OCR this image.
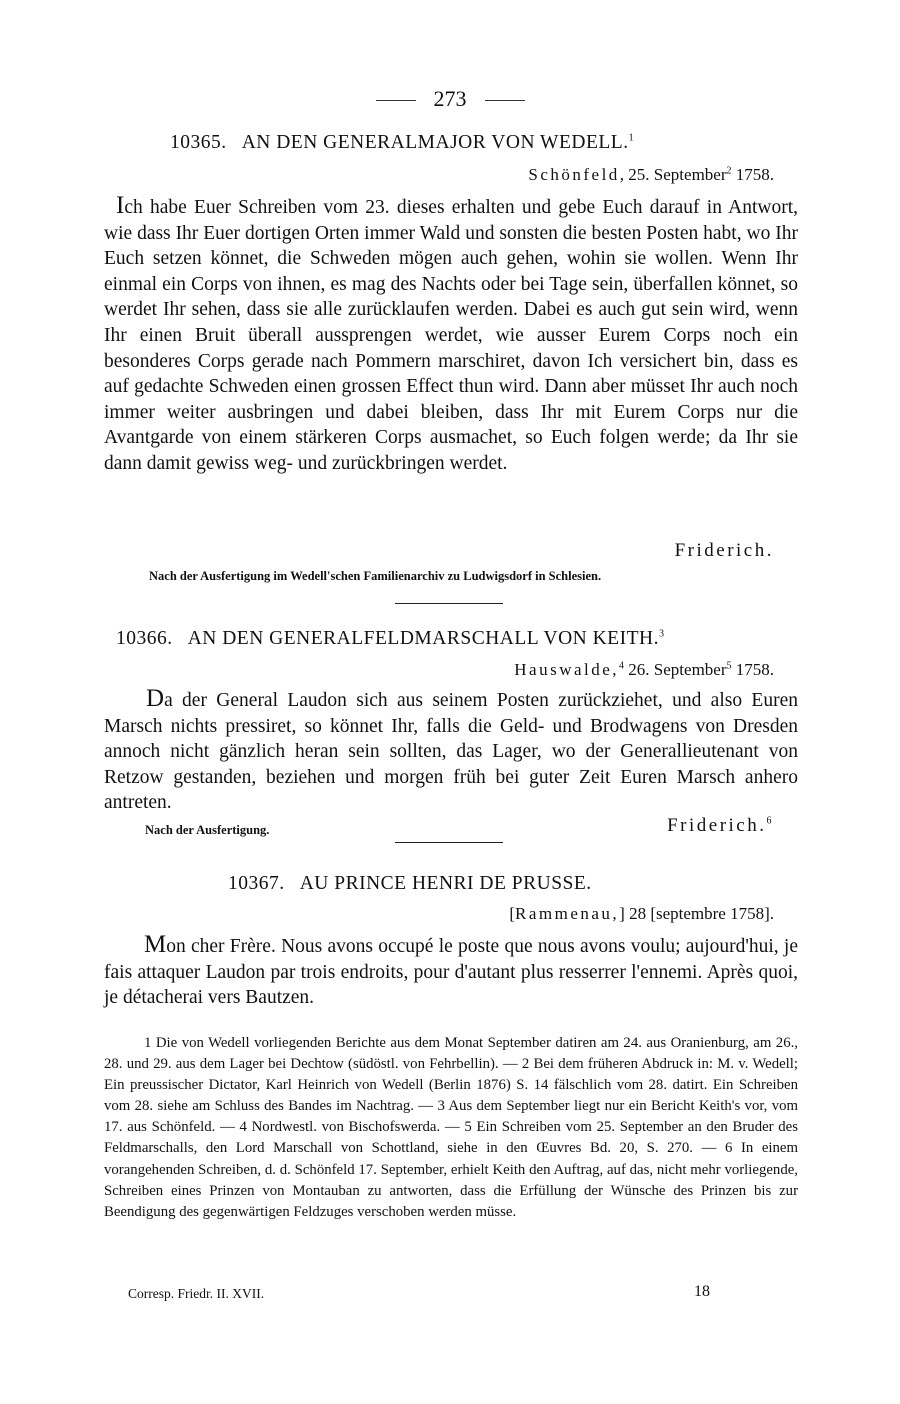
273
10365. AN DEN GENERALMAJOR VON WEDELL.$^1$
Schönfeld, 25. September$^2$ 1758.
Ich habe Euer Schreiben vom 23. dieses erhalten und gebe Euch darauf in Antwort, wie dass Ihr Euer dortigen Orten immer Wald und sonsten die besten Posten habt, wo Ihr Euch setzen könnet, die Schweden mögen auch gehen, wohin sie wollen. Wenn Ihr einmal ein Corps von ihnen, es mag des Nachts oder bei Tage sein, überfallen könnet, so werdet Ihr sehen, dass sie alle zurücklaufen werden. Dabei es auch gut sein wird, wenn Ihr einen Bruit überall aussprengen werdet, wie ausser Eurem Corps noch ein besonderes Corps gerade nach Pommern marschiret, davon Ich versichert bin, dass es auf gedachte Schweden einen grossen Effect thun wird. Dann aber müsset Ihr auch noch immer weiter ausbringen und dabei bleiben, dass Ihr mit Eurem Corps nur die Avantgarde von einem stärkeren Corps ausmachet, so Euch folgen werde; da Ihr sie dann damit gewiss weg- und zurückbringen werdet.
Friderich.
Nach der Ausfertigung im Wedell'schen Familienarchiv zu Ludwigsdorf in Schlesien.
10366. AN DEN GENERALFELDMARSCHALL VON KEITH.$^3$
Hauswalde,$^4$ 26. September$^5$ 1758.
Da der General Laudon sich aus seinem Posten zurückziehet, und also Euren Marsch nichts pressiret, so könnet Ihr, falls die Geld- und Brodwagens von Dresden annoch nicht gänzlich heran sein sollten, das Lager, wo der Generallieutenant von Retzow gestanden, beziehen und morgen früh bei guter Zeit Euren Marsch anhero antreten.
Nach der Ausfertigung.	Friderich.$^6$
10367. AU PRINCE HENRI DE PRUSSE.
[Rammenau,] 28 [septembre 1758].
Mon cher Frère. Nous avons occupé le poste que nous avons voulu; aujourd'hui, je fais attaquer Laudon par trois endroits, pour d'autant plus resserrer l'ennemi. Après quoi, je détacherai vers Bautzen.
1 Die von Wedell vorliegenden Berichte aus dem Monat September datiren am 24. aus Oranienburg, am 26., 28. und 29. aus dem Lager bei Dechtow (südöstl. von Fehrbellin). — 2 Bei dem früheren Abdruck in: M. v. Wedell; Ein preussischer Dictator, Karl Heinrich von Wedell (Berlin 1876) S. 14 fälschlich vom 28. datirt. Ein Schreiben vom 28. siehe am Schluss des Bandes im Nachtrag. — 3 Aus dem September liegt nur ein Bericht Keith's vor, vom 17. aus Schönfeld. — 4 Nordwestl. von Bischofswerda. — 5 Ein Schreiben vom 25. September an den Bruder des Feldmarschalls, den Lord Marschall von Schottland, siehe in den Œuvres Bd. 20, S. 270. — 6 In einem vorangehenden Schreiben, d. d. Schönfeld 17. September, erhielt Keith den Auftrag, auf das, nicht mehr vorliegende, Schreiben eines Prinzen von Montauban zu antworten, dass die Erfüllung der Wünsche des Prinzen bis zur Beendigung des gegenwärtigen Feldzuges verschoben werden müsse.
Corresp. Friedr. II. XVII.	18
